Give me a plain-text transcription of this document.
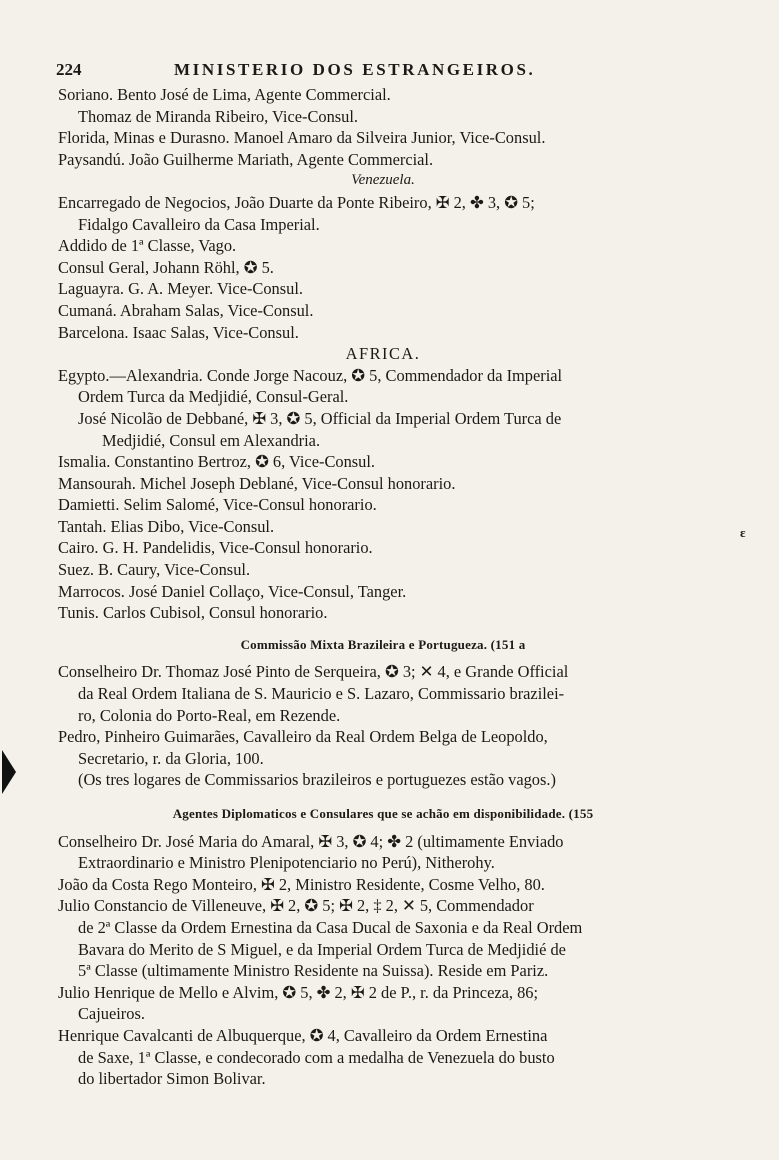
224	MINISTERIO DOS ESTRANGEIROS.
Soriano. Bento José de Lima, Agente Commercial.
Thomaz de Miranda Ribeiro, Vice-Consul.
Florida, Minas e Durasno. Manoel Amaro da Silveira Junior, Vice-Consul.
Paysandú. João Guilherme Mariath, Agente Commercial.
Venezuela.
Encarregado de Negocios, João Duarte da Ponte Ribeiro, ✠ 2, ✤ 3, ✪ 5;
Fidalgo Cavalleiro da Casa Imperial.
Addido de 1ª Classe, Vago.
Consul Geral, Johann Röhl, ✪ 5.
Laguayra. G. A. Meyer. Vice-Consul.
Cumaná. Abraham Salas, Vice-Consul.
Barcelona. Isaac Salas, Vice-Consul.
AFRICA.
Egypto.—Alexandria. Conde Jorge Nacouz, ✪ 5, Commendador da Imperial
Ordem Turca da Medjidié, Consul-Geral.
José Nicolão de Debbané, ✠ 3, ✪ 5, Official da Imperial Ordem Turca de
Medjidié, Consul em Alexandria.
Ismalia. Constantino Bertroz, ✪ 6, Vice-Consul.
Mansourah. Michel Joseph Deblané, Vice-Consul honorario.
Damietti. Selim Salomé, Vice-Consul honorario.
Tantah. Elias Dibo, Vice-Consul.
Cairo. G. H. Pandelidis, Vice-Consul honorario.
Suez. B. Caury, Vice-Consul.
Marrocos. José Daniel Collaço, Vice-Consul, Tanger.
Tunis. Carlos Cubisol, Consul honorario.
Commissão Mixta Brazileira e Portugueza. (151 a
Conselheiro Dr. Thomaz José Pinto de Serqueira, ✪ 3; ✕ 4, e Grande Official
da Real Ordem Italiana de S. Mauricio e S. Lazaro, Commissario brazilei-
ro, Colonia do Porto-Real, em Rezende.
Pedro, Pinheiro Guimarães, Cavalleiro da Real Ordem Belga de Leopoldo,
Secretario, r. da Gloria, 100.
(Os tres logares de Commissarios brazileiros e portuguezes estão vagos.)
Agentes Diplomaticos e Consulares que se achão em disponibilidade. (155
Conselheiro Dr. José Maria do Amaral, ✠ 3, ✪ 4; ✤ 2 (ultimamente Enviado
Extraordinario e Ministro Plenipotenciario no Perú), Nitherohy.
João da Costa Rego Monteiro, ✠ 2, Ministro Residente, Cosme Velho, 80.
Julio Constancio de Villeneuve, ✠ 2, ✪ 5; ✠ 2, ‡ 2, ✕ 5, Commendador
de 2ª Classe da Ordem Ernestina da Casa Ducal de Saxonia e da Real Ordem
Bavara do Merito de S Miguel, e da Imperial Ordem Turca de Medjidié de
5ª Classe (ultimamente Ministro Residente na Suissa). Reside em Pariz.
Julio Henrique de Mello e Alvim, ✪ 5, ✤ 2, ✠ 2 de P., r. da Princeza, 86;
Cajueiros.
Henrique Cavalcanti de Albuquerque, ✪ 4, Cavalleiro da Ordem Ernestina
de Saxe, 1ª Classe, e condecorado com a medalha de Venezuela do busto
do libertador Simon Bolivar.
ɛ
